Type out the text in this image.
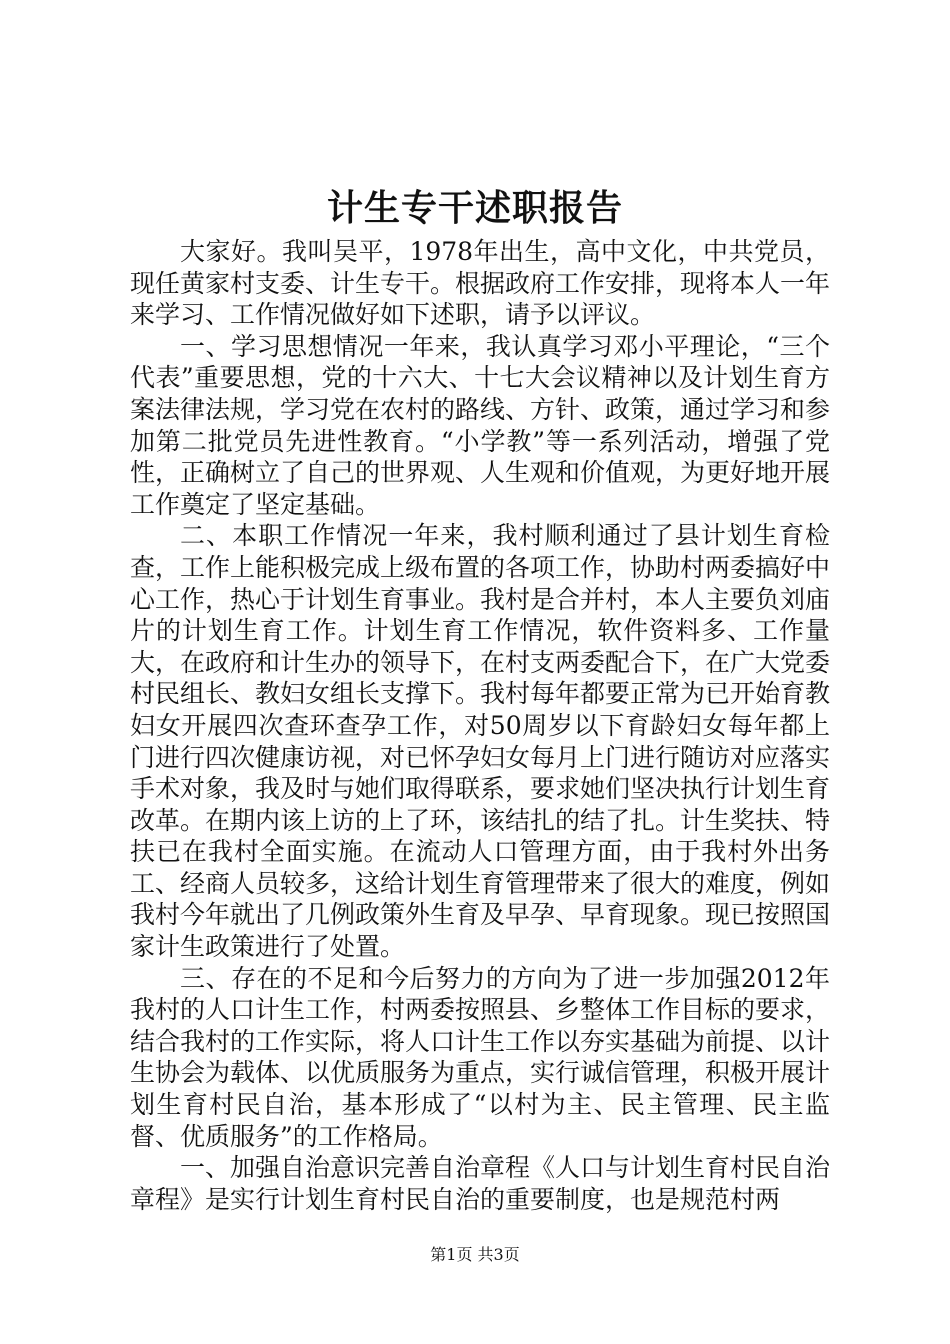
计生专干述职报告

大家好。我叫吴平，1978年出生，高中文化，中共党员，现任黄家村支委、计生专干。根据政府工作安排，现将本人一年来学习、工作情况做好如下述职，请予以评议。

一、学习思想情况一年来，我认真学习邓小平理论，“三个代表”重要思想，党的十六大、十七大会议精神以及计划生育方案法律法规，学习党在农村的路线、方针、政策，通过学习和参加第二批党员先进性教育。“小学教”等一系列活动，增强了党性，正确树立了自己的世界观、人生观和价值观，为更好地开展工作奠定了坚定基础。

二、本职工作情况一年来，我村顺利通过了县计划生育检查，工作上能积极完成上级布置的各项工作，协助村两委搞好中心工作，热心于计划生育事业。我村是合并村，本人主要负刘庙片的计划生育工作。计划生育工作情况，软件资料多、工作量大，在政府和计生办的领导下，在村支两委配合下，在广大党委村民组长、教妇女组长支撑下。我村每年都要正常为已开始育教妇女开展四次查环查孕工作，对50周岁以下育龄妇女每年都上门进行四次健康访视，对已怀孕妇女每月上门进行随访对应落实手术对象，我及时与她们取得联系，要求她们坚决执行计划生育改革。在期内该上访的上了环，该结扎的结了扎。计生奖扶、特扶已在我村全面实施。在流动人口管理方面，由于我村外出务工、经商人员较多，这给计划生育管理带来了很大的难度，例如我村今年就出了几例政策外生育及早孕、早育现象。现已按照国家计生政策进行了处置。

三、存在的不足和今后努力的方向为了进一步加强2012年我村的人口计生工作，村两委按照县、乡整体工作目标的要求，结合我村的工作实际，将人口计生工作以夯实基础为前提、以计生协会为载体、以优质服务为重点，实行诚信管理，积极开展计划生育村民自治，基本形成了“以村为主、民主管理、民主监督、优质服务”的工作格局。

一、加强自治意识完善自治章程《人口与计划生育村民自治章程》是实行计划生育村民自治的重要制度，也是规范村两

第1页 共3页
